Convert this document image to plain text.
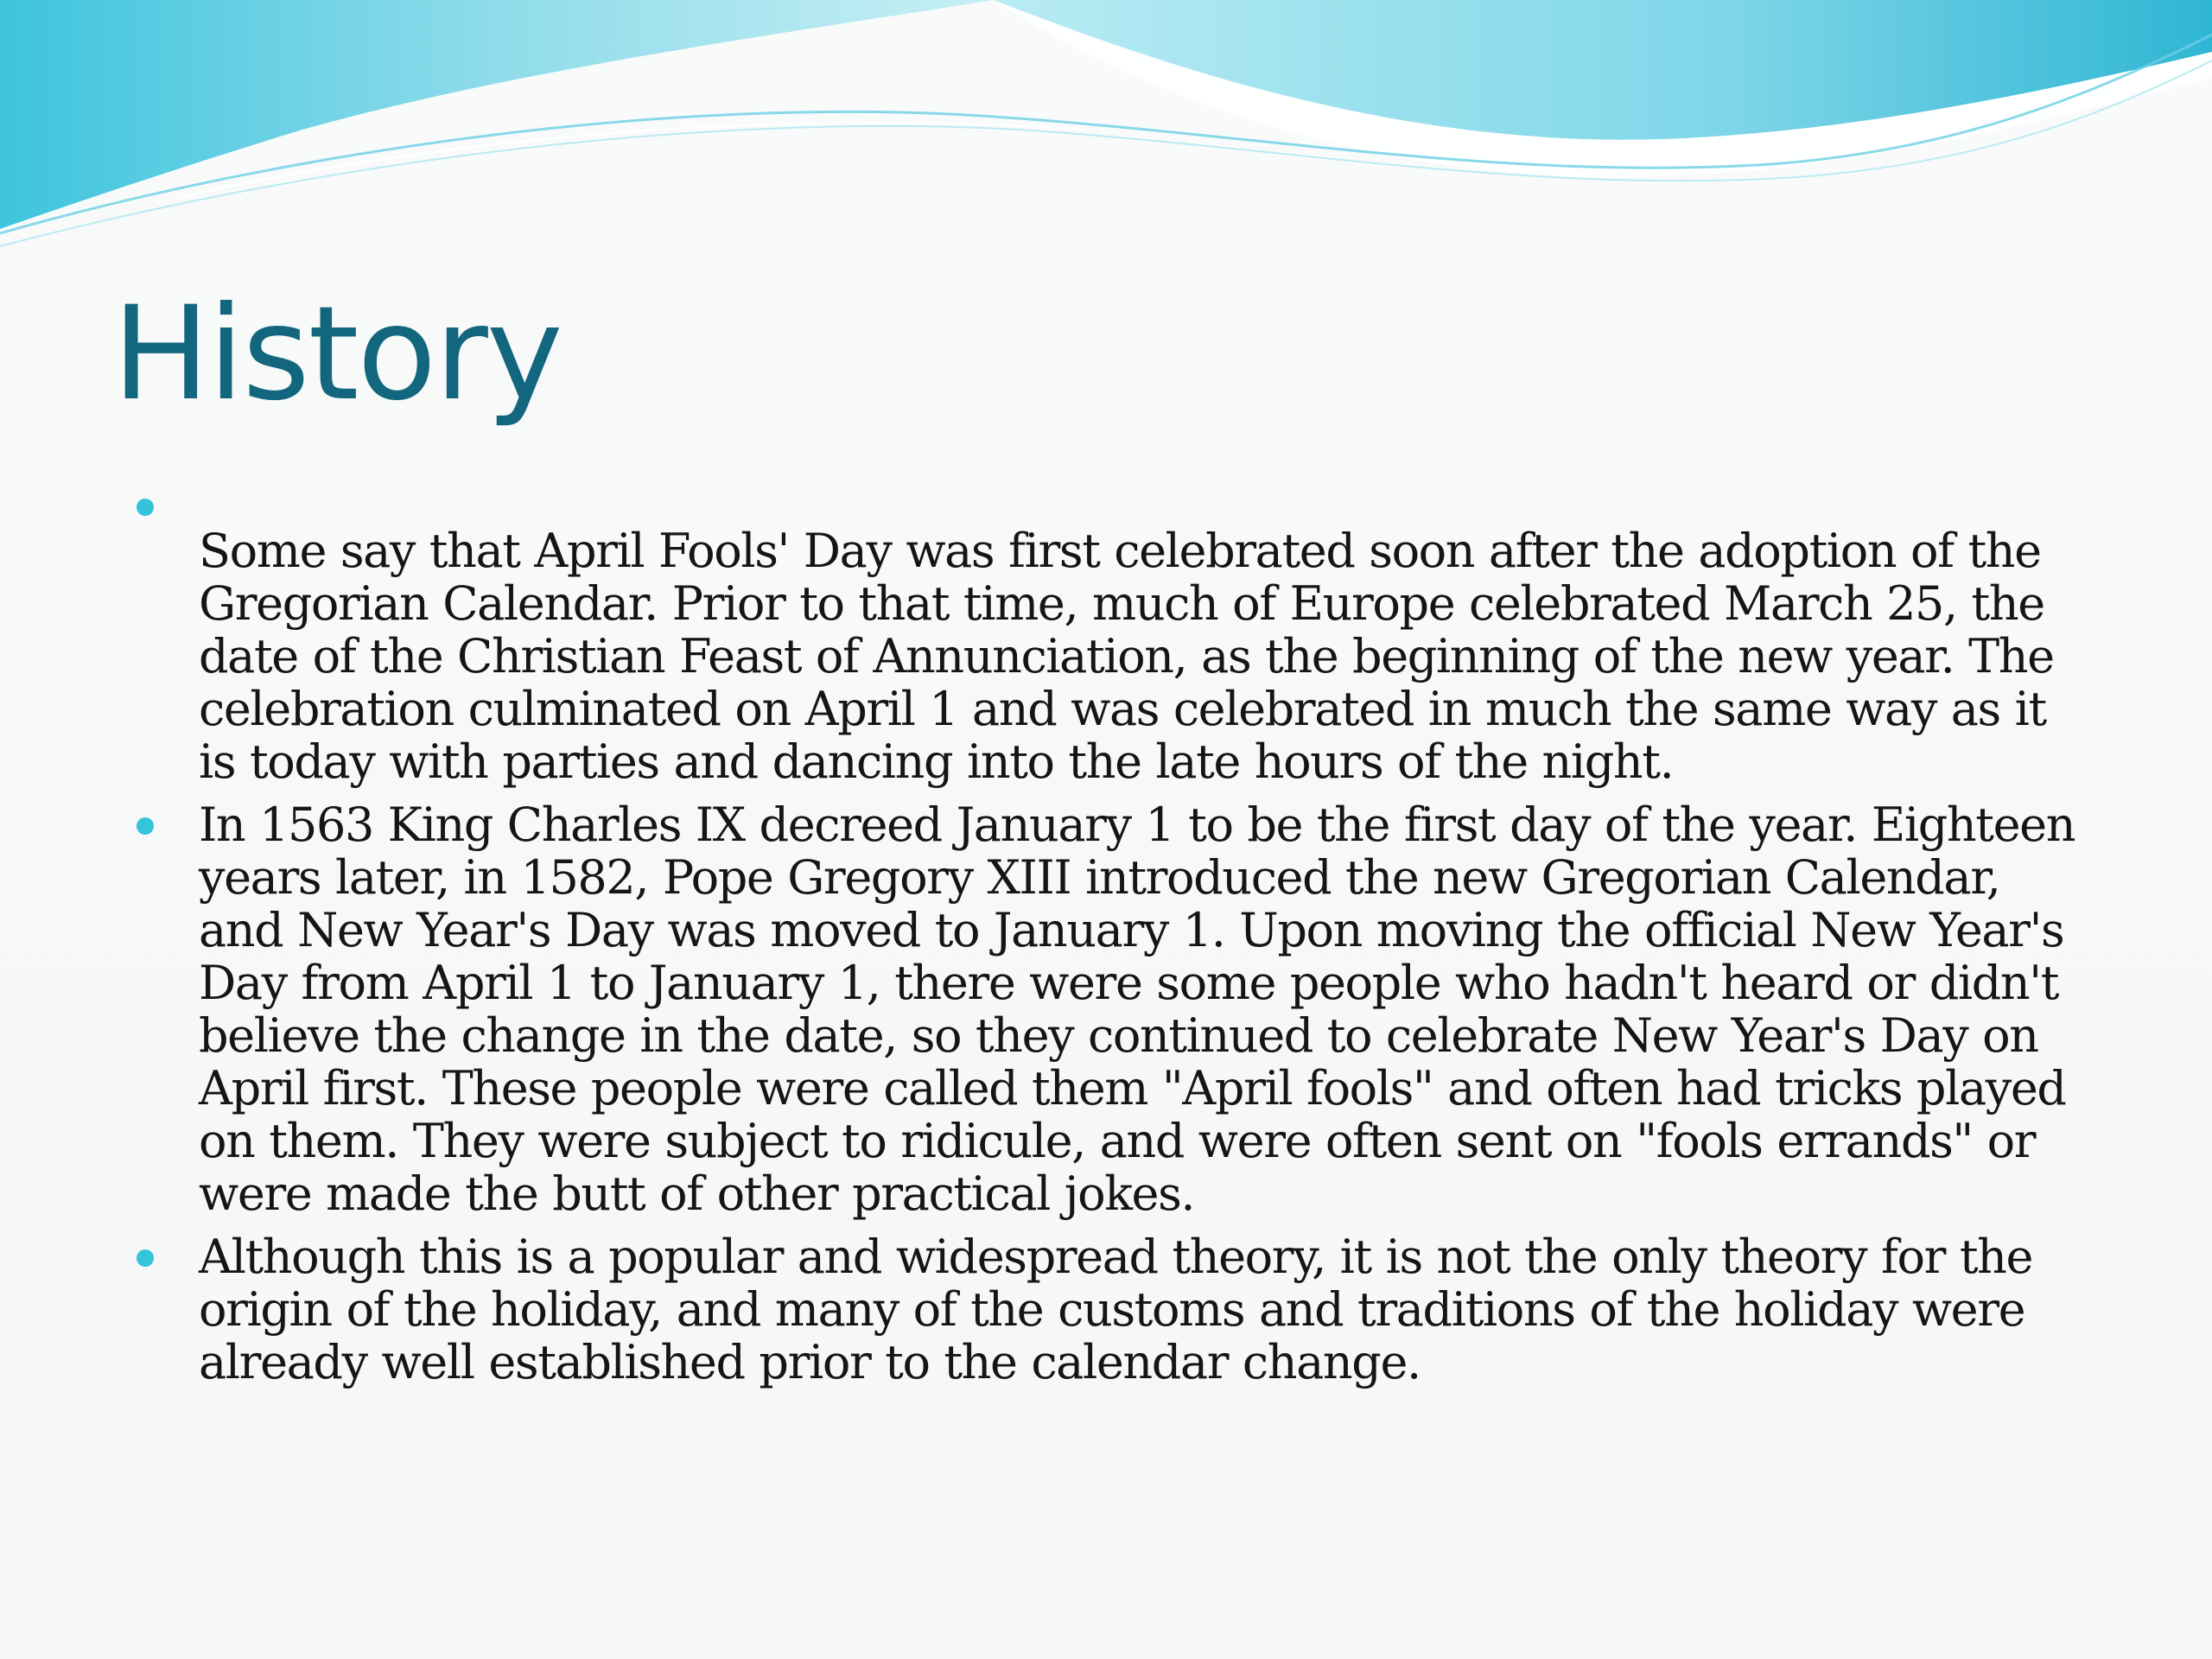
History
Some say that April Fools' Day was first celebrated soon after the adoption of the Gregorian Calendar. Prior to that time, much of Europe celebrated March 25, the date of the Christian Feast of Annunciation, as the beginning of the new year. The celebration culminated on April 1 and was celebrated in much the same way as it is today with parties and dancing into the late hours of the night.
In 1563 King Charles IX decreed January 1 to be the first day of the year. Eighteen years later, in 1582, Pope Gregory XIII introduced the new Gregorian Calendar, and New Year's Day was moved to January 1. Upon moving the official New Year's Day from April 1 to January 1, there were some people who hadn't heard or didn't believe the change in the date, so they continued to celebrate New Year's Day on April first. These people were called them "April fools" and often had tricks played on them. They were subject to ridicule, and were often sent on "fools errands" or were made the butt of other practical jokes.
Although this is a popular and widespread theory, it is not the only theory for the origin of the holiday, and many of the customs and traditions of the holiday were already well established prior to the calendar change.
